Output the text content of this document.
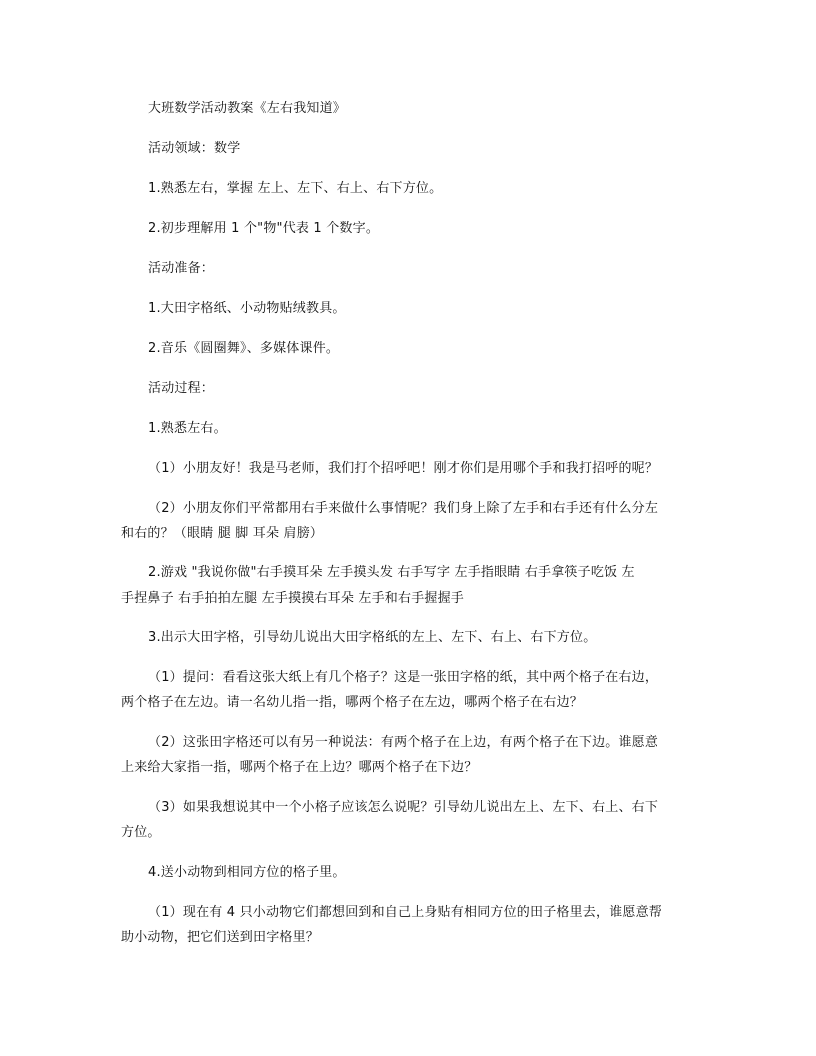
大班数学活动教案《左右我知道》
活动领域：数学
1.熟悉左右，掌握 左上、左下、右上、右下方位。
2.初步理解用 1 个"物"代表 1 个数字。
活动准备：
1.大田字格纸、小动物贴绒教具。
2.音乐《圆圈舞》、多媒体课件。
活动过程：
1.熟悉左右。
（1）小朋友好！我是马老师，我们打个招呼吧！刚才你们是用哪个手和我打招呼的呢？
（2）小朋友你们平常都用右手来做什么事情呢？我们身上除了左手和右手还有什么分左
和右的？（眼睛 腿 脚 耳朵 肩膀）
2.游戏 "我说你做"右手摸耳朵 左手摸头发 右手写字 左手指眼睛 右手拿筷子吃饭 左
手捏鼻子 右手拍拍左腿 左手摸摸右耳朵 左手和右手握握手
3.出示大田字格，引导幼儿说出大田字格纸的左上、左下、右上、右下方位。
（1）提问：看看这张大纸上有几个格子？这是一张田字格的纸，其中两个格子在右边，
两个格子在左边。请一名幼儿指一指，哪两个格子在左边，哪两个格子在右边？
（2）这张田字格还可以有另一种说法：有两个格子在上边，有两个格子在下边。谁愿意
上来给大家指一指，哪两个格子在上边？哪两个格子在下边？
（3）如果我想说其中一个小格子应该怎么说呢？引导幼儿说出左上、左下、右上、右下
方位。
4.送小动物到相同方位的格子里。
（1）现在有 4 只小动物它们都想回到和自己上身贴有相同方位的田子格里去，谁愿意帮
助小动物，把它们送到田字格里？
